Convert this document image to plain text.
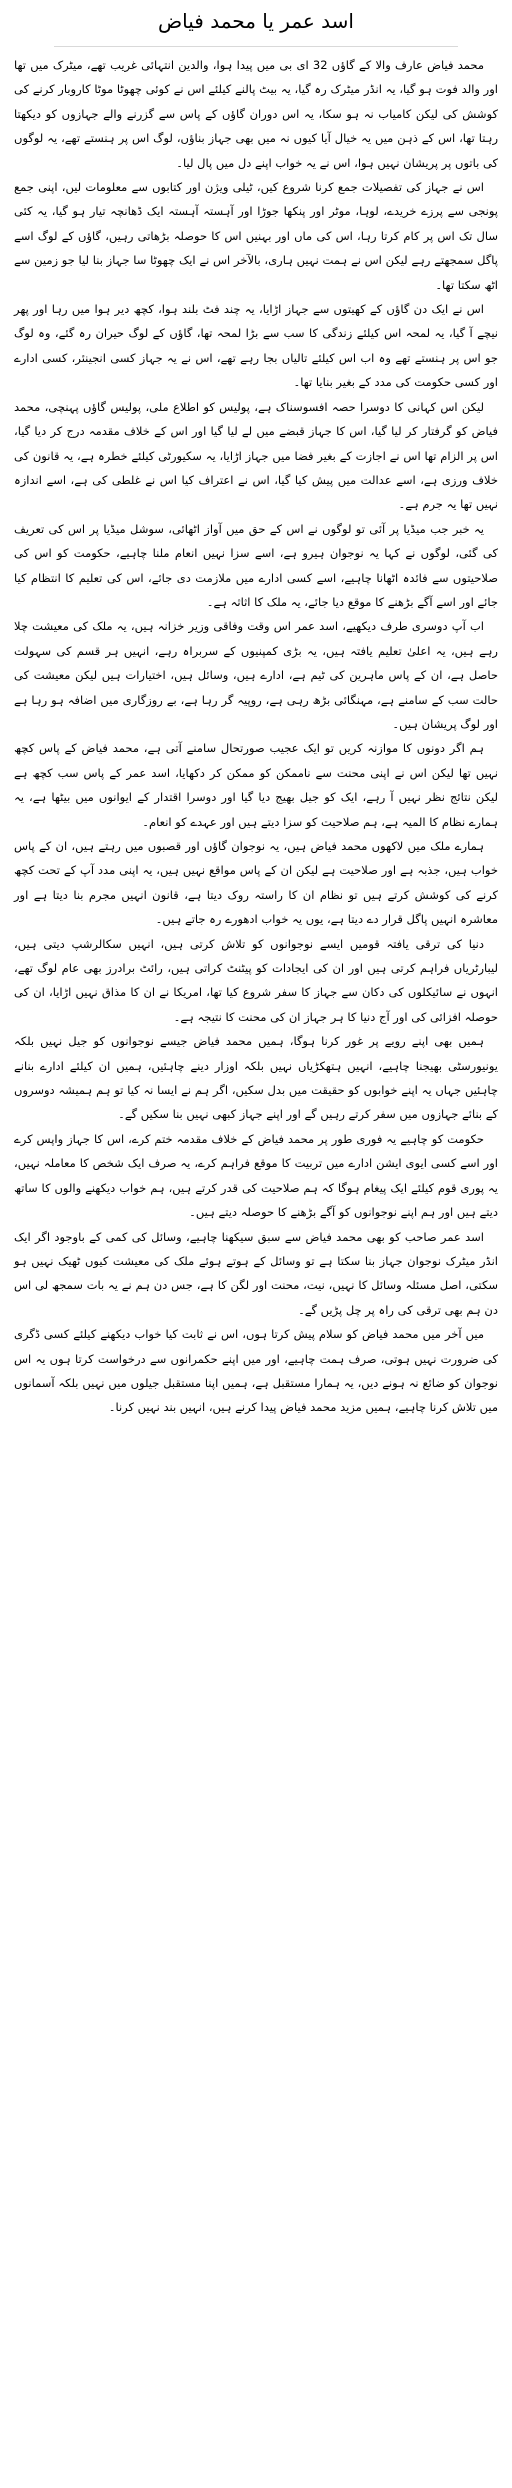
اسد عمر یا محمد فیاض

محمد فیاض عارف والا کے گاؤں 32 ای بی میں پیدا ہوا، والدین انتہائی غریب تھے، میٹرک میں تھا اور والد فوت ہو گیا، یہ انڈر میٹرک رہ گیا، یہ بیٹ پالنے کیلئے اس نے کوئی چھوٹا موٹا کاروبار کرنے کی کوشش کی لیکن کامیاب نہ ہو سکا، یہ اس دوران گاؤں کے پاس سے گزرنے والے جہازوں کو دیکھتا رہتا تھا، اس کے ذہن میں یہ خیال آیا کیوں نہ میں بھی جہاز بناؤں، لوگ اس پر ہنستے تھے، یہ لوگوں کی باتوں پر پریشان نہیں ہوا، اس نے یہ خواب اپنے دل میں پال لیا۔

اس نے جہاز کی تفصیلات جمع کرنا شروع کیں، ٹیلی ویژن اور کتابوں سے معلومات لیں، اپنی جمع پونجی سے پرزے خریدے، لوہا، موٹر اور پنکھا جوڑا اور آہستہ آہستہ ایک ڈھانچہ تیار ہو گیا، یہ کئی سال تک اس پر کام کرتا رہا، اس کی ماں اور بہنیں اس کا حوصلہ بڑھاتی رہیں، گاؤں کے لوگ اسے پاگل سمجھتے رہے لیکن اس نے ہمت نہیں ہاری، بالآخر اس نے ایک چھوٹا سا جہاز بنا لیا جو زمین سے اٹھ سکتا تھا۔

اس نے ایک دن گاؤں کے کھیتوں سے جہاز اڑایا، یہ چند فٹ بلند ہوا، کچھ دیر ہوا میں رہا اور پھر نیچے آ گیا، یہ لمحہ اس کیلئے زندگی کا سب سے بڑا لمحہ تھا، گاؤں کے لوگ حیران رہ گئے، وہ لوگ جو اس پر ہنستے تھے وہ اب اس کیلئے تالیاں بجا رہے تھے، اس نے یہ جہاز کسی انجینئر، کسی ادارے اور کسی حکومت کی مدد کے بغیر بنایا تھا۔

لیکن اس کہانی کا دوسرا حصہ افسوسناک ہے، پولیس کو اطلاع ملی، پولیس گاؤں پہنچی، محمد فیاض کو گرفتار کر لیا گیا، اس کا جہاز قبضے میں لے لیا گیا اور اس کے خلاف مقدمہ درج کر دیا گیا، اس پر الزام تھا اس نے اجازت کے بغیر فضا میں جہاز اڑایا، یہ سکیورٹی کیلئے خطرہ ہے، یہ قانون کی خلاف ورزی ہے، اسے عدالت میں پیش کیا گیا، اس نے اعتراف کیا اس نے غلطی کی ہے، اسے اندازہ نہیں تھا یہ جرم ہے۔

یہ خبر جب میڈیا پر آئی تو لوگوں نے اس کے حق میں آواز اٹھائی، سوشل میڈیا پر اس کی تعریف کی گئی، لوگوں نے کہا یہ نوجوان ہیرو ہے، اسے سزا نہیں انعام ملنا چاہیے، حکومت کو اس کی صلاحیتوں سے فائدہ اٹھانا چاہیے، اسے کسی ادارے میں ملازمت دی جائے، اس کی تعلیم کا انتظام کیا جائے اور اسے آگے بڑھنے کا موقع دیا جائے، یہ ملک کا اثاثہ ہے۔

اب آپ دوسری طرف دیکھیے، اسد عمر اس وقت وفاقی وزیر خزانہ ہیں، یہ ملک کی معیشت چلا رہے ہیں، یہ اعلیٰ تعلیم یافتہ ہیں، یہ بڑی کمپنیوں کے سربراہ رہے، انہیں ہر قسم کی سہولت حاصل ہے، ان کے پاس ماہرین کی ٹیم ہے، ادارے ہیں، وسائل ہیں، اختیارات ہیں لیکن معیشت کی حالت سب کے سامنے ہے، مہنگائی بڑھ رہی ہے، روپیہ گر رہا ہے، بے روزگاری میں اضافہ ہو رہا ہے اور لوگ پریشان ہیں۔

ہم اگر دونوں کا موازنہ کریں تو ایک عجیب صورتحال سامنے آتی ہے، محمد فیاض کے پاس کچھ نہیں تھا لیکن اس نے اپنی محنت سے ناممکن کو ممکن کر دکھایا، اسد عمر کے پاس سب کچھ ہے لیکن نتائج نظر نہیں آ رہے، ایک کو جیل بھیج دیا گیا اور دوسرا اقتدار کے ایوانوں میں بیٹھا ہے، یہ ہمارے نظام کا المیہ ہے، ہم صلاحیت کو سزا دیتے ہیں اور عہدے کو انعام۔

ہمارے ملک میں لاکھوں محمد فیاض ہیں، یہ نوجوان گاؤں اور قصبوں میں رہتے ہیں، ان کے پاس خواب ہیں، جذبہ ہے اور صلاحیت ہے لیکن ان کے پاس مواقع نہیں ہیں، یہ اپنی مدد آپ کے تحت کچھ کرنے کی کوشش کرتے ہیں تو نظام ان کا راستہ روک دیتا ہے، قانون انہیں مجرم بنا دیتا ہے اور معاشرہ انہیں پاگل قرار دے دیتا ہے، یوں یہ خواب ادھورے رہ جاتے ہیں۔

دنیا کی ترقی یافتہ قومیں ایسے نوجوانوں کو تلاش کرتی ہیں، انہیں سکالرشپ دیتی ہیں، لیبارٹریاں فراہم کرتی ہیں اور ان کی ایجادات کو پیٹنٹ کراتی ہیں، رائٹ برادرز بھی عام لوگ تھے، انہوں نے سائیکلوں کی دکان سے جہاز کا سفر شروع کیا تھا، امریکا نے ان کا مذاق نہیں اڑایا، ان کی حوصلہ افزائی کی اور آج دنیا کا ہر جہاز ان کی محنت کا نتیجہ ہے۔

ہمیں بھی اپنے رویے پر غور کرنا ہوگا، ہمیں محمد فیاض جیسے نوجوانوں کو جیل نہیں بلکہ یونیورسٹی بھیجنا چاہیے، انہیں ہتھکڑیاں نہیں بلکہ اوزار دینے چاہئیں، ہمیں ان کیلئے ادارے بنانے چاہئیں جہاں یہ اپنے خوابوں کو حقیقت میں بدل سکیں، اگر ہم نے ایسا نہ کیا تو ہم ہمیشہ دوسروں کے بنائے جہازوں میں سفر کرتے رہیں گے اور اپنے جہاز کبھی نہیں بنا سکیں گے۔

حکومت کو چاہیے یہ فوری طور پر محمد فیاض کے خلاف مقدمہ ختم کرے، اس کا جہاز واپس کرے اور اسے کسی ایوی ایشن ادارے میں تربیت کا موقع فراہم کرے، یہ صرف ایک شخص کا معاملہ نہیں، یہ پوری قوم کیلئے ایک پیغام ہوگا کہ ہم صلاحیت کی قدر کرتے ہیں، ہم خواب دیکھنے والوں کا ساتھ دیتے ہیں اور ہم اپنے نوجوانوں کو آگے بڑھنے کا حوصلہ دیتے ہیں۔

اسد عمر صاحب کو بھی محمد فیاض سے سبق سیکھنا چاہیے، وسائل کی کمی کے باوجود اگر ایک انڈر میٹرک نوجوان جہاز بنا سکتا ہے تو وسائل کے ہوتے ہوئے ملک کی معیشت کیوں ٹھیک نہیں ہو سکتی، اصل مسئلہ وسائل کا نہیں، نیت، محنت اور لگن کا ہے، جس دن ہم نے یہ بات سمجھ لی اس دن ہم بھی ترقی کی راہ پر چل پڑیں گے۔

میں آخر میں محمد فیاض کو سلام پیش کرتا ہوں، اس نے ثابت کیا خواب دیکھنے کیلئے کسی ڈگری کی ضرورت نہیں ہوتی، صرف ہمت چاہیے، اور میں اپنے حکمرانوں سے درخواست کرتا ہوں یہ اس نوجوان کو ضائع نہ ہونے دیں، یہ ہمارا مستقبل ہے، ہمیں اپنا مستقبل جیلوں میں نہیں بلکہ آسمانوں میں تلاش کرنا چاہیے، ہمیں مزید محمد فیاض پیدا کرنے ہیں، انہیں بند نہیں کرنا۔
